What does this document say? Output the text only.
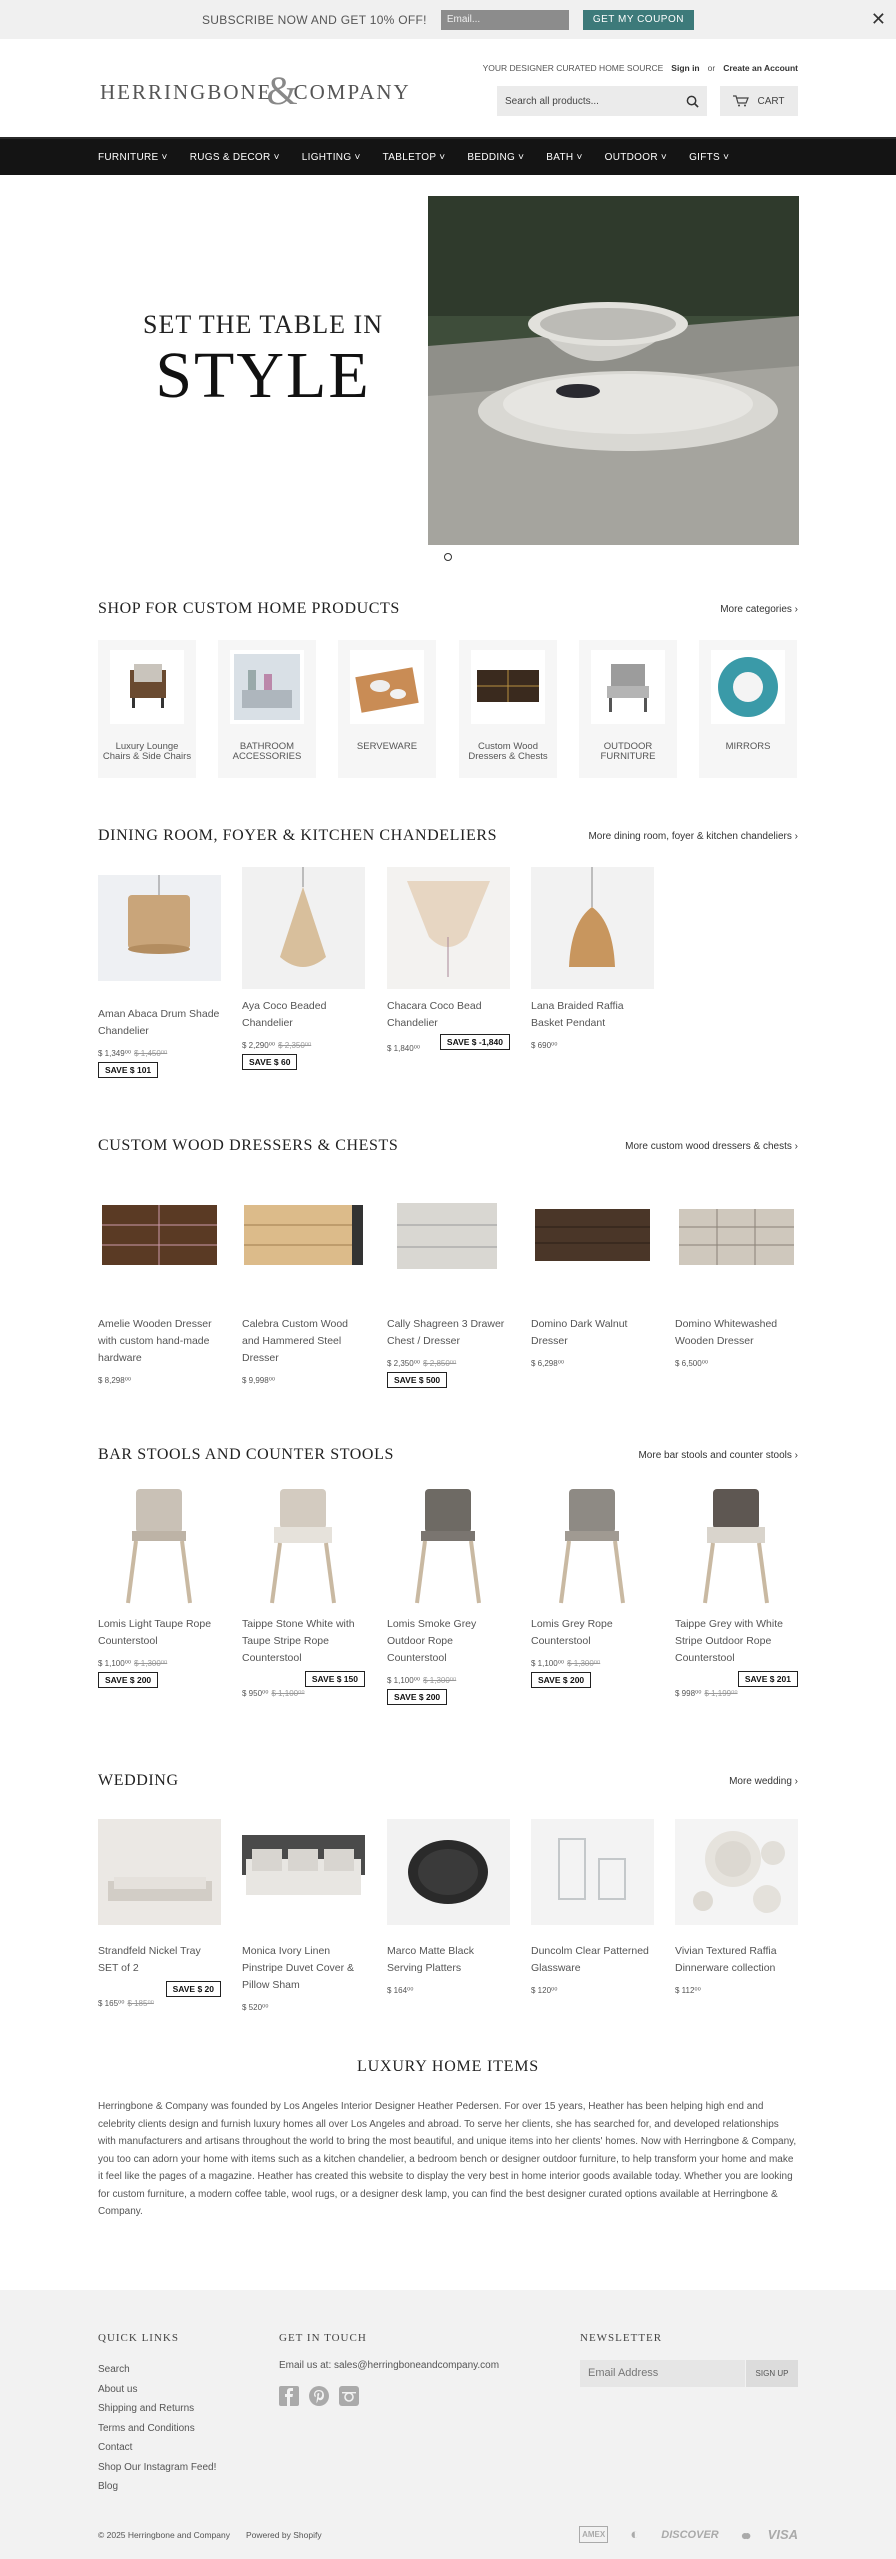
SUBSCRIBE NOW AND GET 10% OFF!	Email...	GET MY COUPON	✕
HERRINGBONE
&
COMPANY
YOUR DESIGNER CURATED HOME SOURCE Sign in or Create an Account
Search all products...	CART
FURNITURE ˅ RUGS & DECOR ˅ LIGHTING ˅ TABLETOP ˅ BEDDING ˅ BATH ˅ OUTDOOR ˅ GIFTS ˅
SET THE TABLE IN
STYLE
SHOP FOR CUSTOM HOME PRODUCTS	More categories ›
Luxury Lounge Chairs & Side Chairs
BATHROOM ACCESSORIES
SERVEWARE	Custom Wood Dressers & Chests
OUTDOOR FURNITURE
MIRRORS
DINING ROOM, FOYER & KITCHEN CHANDELIERS	More dining room, foyer & kitchen chandeliers ›
Aman Abaca Drum Shade Chandelier
$ 1,349⁰⁰ $ 1,450⁰⁰
SAVE $ 101
Aya Coco Beaded Chandelier
$ 2,290⁰⁰ $ 2,350⁰⁰
SAVE $ 60
Chacara Coco Bead Chandelier
$ 1,840⁰⁰
SAVE $ -1,840
Lana Braided Raffia Basket Pendant
$ 690⁰⁰
CUSTOM WOOD DRESSERS & CHESTS	More custom wood dressers & chests ›
Amelie Wooden Dresser with custom hand-made hardware
$ 8,298⁰⁰
Calebra Custom Wood and Hammered Steel Dresser
$ 9,998⁰⁰
Cally Shagreen 3 Drawer Chest / Dresser
$ 2,350⁰⁰ $ 2,850⁰⁰
SAVE $ 500
Domino Dark Walnut Dresser
$ 6,298⁰⁰
Domino Whitewashed Wooden Dresser
$ 6,500⁰⁰
BAR STOOLS AND COUNTER STOOLS	More bar stools and counter stools ›
Lomis Light Taupe Rope Counterstool
$ 1,100⁰⁰ $ 1,300⁰⁰
SAVE $ 200
Taippe Stone White with Taupe Stripe Rope Counterstool
$ 950⁰⁰ $ 1,100⁰⁰
SAVE $ 150
Lomis Smoke Grey Outdoor Rope Counterstool
$ 1,100⁰⁰ $ 1,300⁰⁰
SAVE $ 200
Lomis Grey Rope Counterstool
$ 1,100⁰⁰ $ 1,300⁰⁰
SAVE $ 200
Taippe Grey with White Stripe Outdoor Rope Counterstool
$ 998⁰⁰ $ 1,199⁰⁰
SAVE $ 201
WEDDING	More wedding ›
Strandfeld Nickel Tray SET of 2
$ 165⁰⁰ $ 185⁰⁰
SAVE $ 20
Monica Ivory Linen Pinstripe Duvet Cover & Pillow Sham
$ 520⁰⁰
Marco Matte Black Serving Platters
$ 164⁰⁰
Duncolm Clear Patterned Glassware
$ 120⁰⁰
Vivian Textured Raffia Dinnerware collection
$ 112⁰⁰
LUXURY HOME ITEMS
Herringbone & Company was founded by Los Angeles Interior Designer Heather Pedersen. For over 15 years, Heather has been helping high end and celebrity clients design and furnish luxury homes all over Los Angeles and abroad. To serve her clients, she has searched for, and developed relationships with manufacturers and artisans throughout the world to bring the most beautiful, and unique items into her clients' homes. Now with Herringbone & Company, you too can adorn your home with items such as a kitchen chandelier, a bedroom bench or designer outdoor furniture, to help transform your home and make it feel like the pages of a magazine. Heather has created this website to display the very best in home interior goods available today. Whether you are looking for custom furniture, a modern coffee table, wool rugs, or a designer desk lamp, you can find the best designer curated options available at Herringbone & Company.
QUICK LINKS
Search
About us
Shipping and Returns
Terms and Conditions
Contact
Shop Our Instagram Feed!
Blog
GET IN TOUCH
Email us at: sales@herringboneandcompany.com
NEWSLETTER
Email Address	SIGN UP
© 2025 Herringbone and Company Powered by Shopify	AMEX ◐ DISCOVER ●● VISA
